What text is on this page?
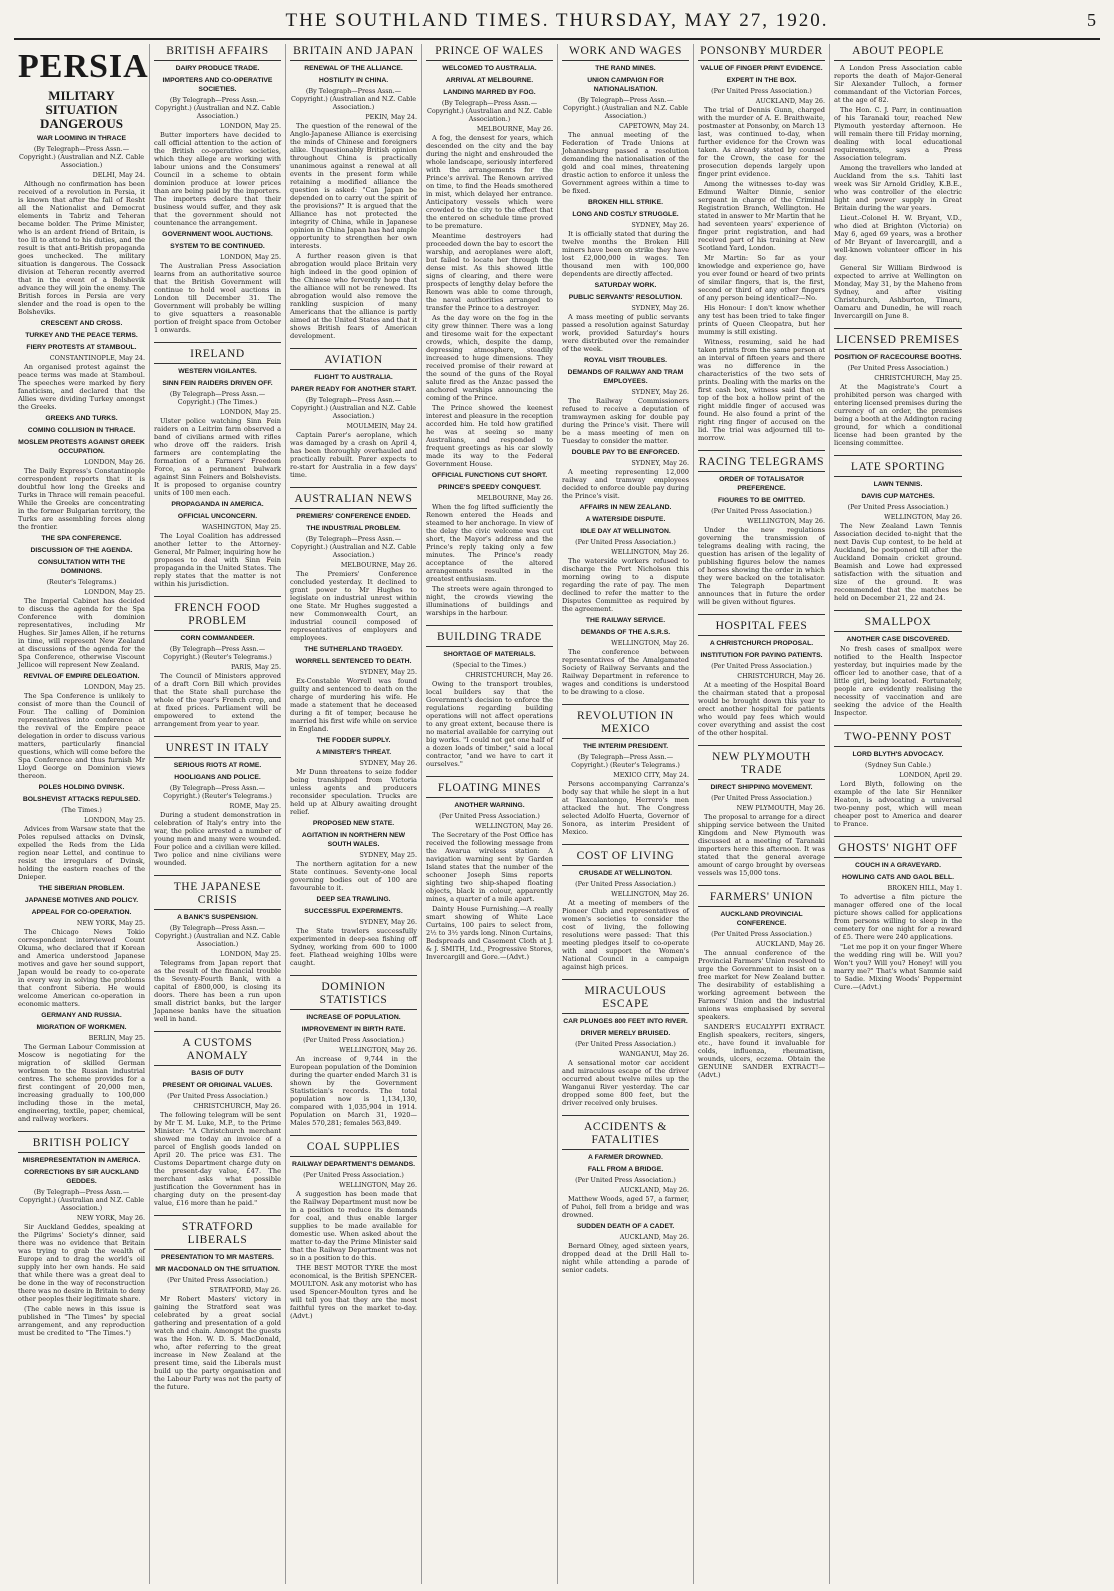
THE SOUTHLAND TIMES. THURSDAY, MAY 27, 1920.	5
PERSIA
MILITARY SITUATION DANGEROUS
WAR LOOMING IN THRACE
(By Telegraph—Press Assn.—Copyright.) (Australian and N.Z. Cable Association.)
DELHI, May 24.
Although no confirmation has been received of a revolution in Persia, it is known that after the fall of Resht all the Nationalist and Democrat elements in Tabriz and Teheran became bolder. The Prime Minister, who is an ardent friend of Britain, is too ill to attend to his duties, and the result is that anti-British propaganda goes unchecked. The military situation is dangerous. The Cossack division at Teheran recently averred that in the event of a Bolshevik advance they will join the enemy. The British forces in Persia are very slender and the road is open to the Bolsheviks.
CRESCENT AND CROSS.
TURKEY AND THE PEACE TERMS.
FIERY PROTESTS AT STAMBOUL.
CONSTANTINOPLE, May 24.
An organised protest against the peace terms was made at Stamboul. The speeches were marked by fiery fanaticism, and declared that the Allies were dividing Turkey amongst the Greeks.
GREEKS AND TURKS.
COMING COLLISION IN THRACE.
MOSLEM PROTESTS AGAINST GREEK OCCUPATION.
LONDON, May 26.
The Daily Express's Constantinople correspondent reports that it is doubtful how long the Greeks and Turks in Thrace will remain peaceful. While the Greeks are concentrating in the former Bulgarian territory, the Turks are assembling forces along the frontier.
THE SPA CONFERENCE.
DISCUSSION OF THE AGENDA.
CONSULTATION WITH THE DOMINIONS.
(Reuter's Telegrams.)
LONDON, May 25.
The Imperial Cabinet has decided to discuss the agenda for the Spa Conference with dominion representatives, including Mr Hughes. Sir James Allen, if he returns in time, will represent New Zealand at discussions of the agenda for the Spa Conference, otherwise Viscount Jellicoe will represent New Zealand.
REVIVAL OF EMPIRE DELEGATION.
LONDON, May 25.
The Spa Conference is unlikely to consist of more than the Council of Four. The calling of Dominion representatives into conference at the revival of the Empire peace delegation in order to discuss various matters, particularly financial questions, which will come before the Spa Conference and thus furnish Mr Lloyd George on Dominion views thereon.
POLES HOLDING DVINSK.
BOLSHEVIST ATTACKS REPULSED.
(The Times.)
LONDON, May 25.
Advices from Warsaw state that the Poles repulsed attacks on Dvinsk, expelled the Reds from the Lida region near Lettel, and continue to resist the irregulars of Dvinsk, holding the eastern reaches of the Dnieper.
THE SIBERIAN PROBLEM.
JAPANESE MOTIVES AND POLICY.
APPEAL FOR CO-OPERATION.
NEW YORK, May 25.
The Chicago News Tokio correspondent interviewed Count Okuma, who declared that if Korean and America understood Japanese motives and gave her sound support, Japan would be ready to co-operate in every way in solving the problems that confront Siberia. He would welcome American co-operation in economic matters.
GERMANY AND RUSSIA.
MIGRATION OF WORKMEN.
BERLIN, May 25.
The German Labour Commission at Moscow is negotiating for the migration of skilled German workmen to the Russian industrial centres. The scheme provides for a first contingent of 20,000 men, increasing gradually to 100,000 including those in the metal, engineering, textile, paper, chemical, and railway workers.
BRITISH POLICY
MISREPRESENTATION IN AMERICA.
CORRECTIONS BY SIR AUCKLAND GEDDES.
(By Telegraph—Press Assn.—Copyright.) (Australian and N.Z. Cable Association.)
NEW YORK, May 26.
Sir Auckland Geddes, speaking at the Pilgrims' Society's dinner, said there was no evidence that Britain was trying to grab the wealth of Europe and to drag the world's oil supply into her own hands. He said that while there was a great deal to be done in the way of reconstruction there was no desire in Britain to deny other peoples their legitimate share.
(The cable news in this issue is published in "The Times" by special arrangement, and any reproduction must be credited to "The Times.")
BRITISH AFFAIRS
DAIRY PRODUCE TRADE.
IMPORTERS AND CO-OPERATIVE SOCIETIES.
(By Telegraph—Press Assn.—Copyright.) (Australian and N.Z. Cable Association.)
LONDON, May 25.
Butter importers have decided to call official attention to the action of the British co-operative societies, which they allege are working with labour unions and the Consumers' Council in a scheme to obtain dominion produce at lower prices than are being paid by the importers. The importers declare that their business would suffer, and they ask that the government should not countenance the arrangement.
GOVERNMENT WOOL AUCTIONS.
SYSTEM TO BE CONTINUED.
LONDON, May 25.
The Australian Press Association learns from an authoritative source that the British Government will continue to hold wool auctions in London till December 31. The Government will probably be willing to give squatters a reasonable portion of freight space from October 1 onwards.
IRELAND
WESTERN VIGILANTES.
SINN FEIN RAIDERS DRIVEN OFF.
(By Telegraph—Press Assn.—Copyright.) (The Times.)
LONDON, May 25.
Ulster police watching Sinn Fein raiders on a Leitrim farm observed a band of civilians armed with rifles who drove off the raiders. Irish farmers are contemplating the formation of a Farmers' Freedom Force, as a permanent bulwark against Sinn Feiners and Bolshevists. It is proposed to organise country units of 100 men each.
PROPAGANDA IN AMERICA.
OFFICIAL UNCONCERN.
WASHINGTON, May 25.
The Loyal Coalition has addressed another letter to the Attorney-General, Mr Palmer, inquiring how he proposes to deal with Sinn Fein propaganda in the United States. The reply states that the matter is not within his jurisdiction.
FRENCH FOOD PROBLEM
CORN COMMANDEER.
(By Telegraph—Press Assn.—Copyright.) (Reuter's Telegrams.)
PARIS, May 25.
The Council of Ministers approved of a draft Corn Bill which provides that the State shall purchase the whole of the year's French crop, and at fixed prices. Parliament will be empowered to extend the arrangement from year to year.
UNREST IN ITALY
SERIOUS RIOTS AT ROME.
HOOLIGANS AND POLICE.
(By Telegraph—Press Assn.—Copyright.) (Reuter's Telegrams.)
ROME, May 25.
During a student demonstration in celebration of Italy's entry into the war, the police arrested a number of young men and many were wounded. Four police and a civilian were killed. Two police and nine civilians were wounded.
THE JAPANESE CRISIS
A BANK'S SUSPENSION.
(By Telegraph—Press Assn.—Copyright.) (Australian and N.Z. Cable Association.)
LONDON, May 25.
Telegrams from Japan report that as the result of the financial trouble the Seventy-Fourth Bank, with a capital of £800,000, is closing its doors. There has been a run upon small district banks, but the larger Japanese banks have the situation well in hand.
A CUSTOMS ANOMALY
BASIS OF DUTY
PRESENT OR ORIGINAL VALUES.
(Per United Press Association.)
CHRISTCHURCH, May 26.
The following telegram will be sent by Mr T. M. Luke, M.P., to the Prime Minister: "A Christchurch merchant showed me today an invoice of a parcel of English goods landed on April 20. The price was £31. The Customs Department charge duty on the present-day value, £47. The merchant asks what possible justification the Government has in charging duty on the present-day value, £16 more than he paid."
STRATFORD LIBERALS
PRESENTATION TO MR MASTERS.
MR MACDONALD ON THE SITUATION.
(Per United Press Association.)
STRATFORD, May 26.
Mr Robert Masters' victory in gaining the Stratford seat was celebrated by a great social gathering and presentation of a gold watch and chain. Amongst the guests was the Hon. W. D. S. MacDonald, who, after referring to the great increase in New Zealand at the present time, said the Liberals must build up the party organisation and the Labour Party was not the party of the future.
BRITAIN AND JAPAN
RENEWAL OF THE ALLIANCE.
HOSTILITY IN CHINA.
(By Telegraph—Press Assn.—Copyright.) (Australian and N.Z. Cable Association.)
PEKIN, May 24.
The question of the renewal of the Anglo-Japanese Alliance is exercising the minds of Chinese and foreigners alike. Unquestionably British opinion throughout China is practically unanimous against a renewal at all events in the present form while retaining a modified alliance the question is asked: "Can Japan be depended on to carry out the spirit of the provisions?" It is argued that the Alliance has not protected the integrity of China, while in Japanese opinion in China Japan has had ample opportunity to strengthen her own interests.
A further reason given is that abrogation would place Britain very high indeed in the good opinion of the Chinese who fervently hope that the alliance will not be renewed. Its abrogation would also remove the rankling suspicion of many Americans that the alliance is partly aimed at the United States and that it shows British fears of American development.
AVIATION
FLIGHT TO AUSTRALIA.
PARER READY FOR ANOTHER START.
(By Telegraph—Press Assn.—Copyright.) (Australian and N.Z. Cable Association.)
MOULMEIN, May 24.
Captain Parer's aeroplane, which was damaged by a crash on April 4, has been thoroughly overhauled and practically rebuilt. Parer expects to re-start for Australia in a few days' time.
AUSTRALIAN NEWS
PREMIERS' CONFERENCE ENDED.
THE INDUSTRIAL PROBLEM.
(By Telegraph—Press Assn.—Copyright.) (Australian and N.Z. Cable Association.)
MELBOURNE, May 26.
The Premiers' Conference concluded yesterday. It declined to grant power to Mr Hughes to legislate on industrial unrest within one State. Mr Hughes suggested a new Commonwealth Court, an industrial council composed of representatives of employers and employees.
THE SUTHERLAND TRAGEDY.
WORRELL SENTENCED TO DEATH.
SYDNEY, May 25.
Ex-Constable Worrell was found guilty and sentenced to death on the charge of murdering his wife. He made a statement that he deceased during a fit of temper, because he married his first wife while on service in England.
THE FODDER SUPPLY.
A MINISTER'S THREAT.
SYDNEY, May 26.
Mr Dunn threatens to seize fodder being transhipped from Victoria unless agents and producers reconsider speculation. Trucks are held up at Albury awaiting drought relief.
PROPOSED NEW STATE.
AGITATION IN NORTHERN NEW SOUTH WALES.
SYDNEY, May 25.
The northern agitation for a new State continues. Seventy-one local governing bodies out of 100 are favourable to it.
DEEP SEA TRAWLING.
SUCCESSFUL EXPERIMENTS.
SYDNEY, May 26.
The State trawlers successfully experimented in deep-sea fishing off Sydney, working from 600 to 1000 feet. Flathead weighing 10lbs were caught.
DOMINION STATISTICS
INCREASE OF POPULATION.
IMPROVEMENT IN BIRTH RATE.
(Per United Press Association.)
WELLINGTON, May 26.
An increase of 9,744 in the European population of the Dominion during the quarter ended March 31 is shown by the Government Statistician's records. The total population now is 1,134,130, compared with 1,035,904 in 1914. Population on March 31, 1920—Males 570,281; females 563,849.
COAL SUPPLIES
RAILWAY DEPARTMENT'S DEMANDS.
(Per United Press Association.)
WELLINGTON, May 26.
A suggestion has been made that the Railway Department must now be in a position to reduce its demands for coal, and thus enable larger supplies to be made available for domestic use. When asked about the matter to-day the Prime Minister said that the Railway Department was not so in a position to do this.
THE BEST MOTOR TYRE the most economical, is the British SPENCER-MOULTON. Ask any motorist who has used Spencer-Moulton tyres and he will tell you that they are the most faithful tyres on the market to-day. (Advt.)
PRINCE OF WALES
WELCOMED TO AUSTRALIA.
ARRIVAL AT MELBOURNE.
LANDING MARRED BY FOG.
(By Telegraph—Press Assn.—Copyright.) (Australian and N.Z. Cable Association.)
MELBOURNE, May 26.
A fog, the densest for years, which descended on the city and the bay during the night and enshrouded the whole landscape, seriously interfered with the arrangements for the Prince's arrival. The Renown arrived on time, to find the Heads smothered in mist, which delayed her entrance. Anticipatory vessels which were crowded to the city to the effect that the entered on schedule time proved to be premature.
Meantime destroyers had proceeded down the bay to escort the warship, and aeroplanes were aloft, but failed to locate her through the dense mist. As this showed little signs of clearing, and there were prospects of lengthy delay before the Renown was able to come through, the naval authorities arranged to transfer the Prince to a destroyer.
As the day wore on the fog in the city grew thinner. There was a long and tiresome wait for the expectant crowds, which, despite the damp, depressing atmosphere, steadily increased to huge dimensions. They received promise of their reward at the sound of the guns of the Royal salute fired as the Anzac passed the anchored warships announcing the coming of the Prince.
The Prince showed the keenest interest and pleasure in the reception accorded him. He told how gratified he was at seeing so many Australians, and responded to frequent greetings as his car slowly made its way to the Federal Government House.
OFFICIAL FUNCTIONS CUT SHORT.
PRINCE'S SPEEDY CONQUEST.
MELBOURNE, May 26.
When the fog lifted sufficiently the Renown entered the Heads and steamed to her anchorage. In view of the delay the civic welcome was cut short, the Mayor's address and the Prince's reply taking only a few minutes. The Prince's ready acceptance of the altered arrangements resulted in the greatest enthusiasm.
The streets were again thronged to night, the crowds viewing the illuminations of buildings and warships in the harbour.
BUILDING TRADE
SHORTAGE OF MATERIALS.
(Special to the Times.)
CHRISTCHURCH, May 26.
Owing to the transport troubles, local builders say that the Government's decision to enforce the regulations regarding building operations will not affect operations to any great extent, because there is no material available for carrying out big works. "I could not get one half of a dozen loads of timber," said a local contractor, "and we have to cart it ourselves."
FLOATING MINES
ANOTHER WARNING.
(Per United Press Association.)
WELLINGTON, May 26.
The Secretary of the Post Office has received the following message from the Awarua wireless station: A navigation warning sent by Garden Island states that the number of the schooner Joseph Sims reports sighting two ship-shaped floating objects, black in colour, apparently mines, a quarter of a mile apart.
Dainty House Furnishing.—A really smart showing of White Lace Curtains, 100 pairs to select from, 2½ to 3½ yards long. Ninon Curtains, Bedspreads and Casement Cloth at J. & J. SMITH, Ltd., Progressive Stores, Invercargill and Gore.—(Advt.)
WORK AND WAGES
THE RAND MINES.
UNION CAMPAIGN FOR NATIONALISATION.
(By Telegraph—Press Assn.—Copyright.) (Australian and N.Z. Cable Association.)
CAPETOWN, May 24.
The annual meeting of the Federation of Trade Unions at Johannesburg passed a resolution demanding the nationalisation of the gold and coal mines, threatening drastic action to enforce it unless the Government agrees within a time to be fixed.
BROKEN HILL STRIKE.
LONG AND COSTLY STRUGGLE.
SYDNEY, May 26.
It is officially stated that during the twelve months the Broken Hill miners have been on strike they have lost £2,000,000 in wages. Ten thousand men with 100,000 dependents are directly affected.
SATURDAY WORK.
PUBLIC SERVANTS' RESOLUTION.
SYDNEY, May 26.
A mass meeting of public servants passed a resolution against Saturday work, provided Saturday's hours were distributed over the remainder of the week.
ROYAL VISIT TROUBLES.
DEMANDS OF RAILWAY AND TRAM EMPLOYEES.
SYDNEY, May 26.
The Railway Commissioners refused to receive a deputation of tramwaymen asking for double pay during the Prince's visit. There will be a mass meeting of men on Tuesday to consider the matter.
DOUBLE PAY TO BE ENFORCED.
SYDNEY, May 26.
A meeting representing 12,000 railway and tramway employees decided to enforce double pay during the Prince's visit.
AFFAIRS IN NEW ZEALAND.
A WATERSIDE DISPUTE.
IDLE DAY AT WELLINGTON.
(Per United Press Association.)
WELLINGTON, May 26.
The waterside workers refused to discharge the Port Nicholson this morning owing to a dispute regarding the rate of pay. The men declined to refer the matter to the Disputes Committee as required by the agreement.
THE RAILWAY SERVICE.
DEMANDS OF THE A.S.R.S.
WELLINGTON, May 26.
The conference between representatives of the Amalgamated Society of Railway Servants and the Railway Department in reference to wages and conditions is understood to be drawing to a close.
REVOLUTION IN MEXICO
THE INTERIM PRESIDENT.
(By Telegraph—Press Assn.—Copyright.) (Reuter's Telegrams.)
MEXICO CITY, May 24.
Persons accompanying Carranza's body say that while he slept in a hut at Tlaxcalantongo, Herrero's men attacked the hut. The Congress selected Adolfo Huerta, Governor of Sonora, as interim President of Mexico.
COST OF LIVING
CRUSADE AT WELLINGTON.
(Per United Press Association.)
WELLINGTON, May 26.
At a meeting of members of the Pioneer Club and representatives of women's societies to consider the cost of living, the following resolutions were passed: That this meeting pledges itself to co-operate with and support the Women's National Council in a campaign against high prices.
MIRACULOUS ESCAPE
CAR PLUNGES 800 FEET INTO RIVER.
DRIVER MERELY BRUISED.
(Per United Press Association.)
WANGANUI, May 26.
A sensational motor car accident and miraculous escape of the driver occurred about twelve miles up the Wanganui River yesterday. The car dropped some 800 feet, but the driver received only bruises.
ACCIDENTS & FATALITIES
A FARMER DROWNED.
FALL FROM A BRIDGE.
(Per United Press Association.)
AUCKLAND, May 26.
Matthew Woods, aged 57, a farmer, of Puhoi, fell from a bridge and was drowned.
SUDDEN DEATH OF A CADET.
AUCKLAND, May 26.
Bernard Olney, aged sixteen years, dropped dead at the Drill Hall to-night while attending a parade of senior cadets.
PONSONBY MURDER
VALUE OF FINGER PRINT EVIDENCE.
EXPERT IN THE BOX.
(Per United Press Association.)
AUCKLAND, May 26.
The trial of Dennis Gunn, charged with the murder of A. E. Braithwaite, postmaster at Ponsonby, on March 13 last, was continued to-day, when further evidence for the Crown was taken. As already stated by counsel for the Crown, the case for the prosecution depends largely upon finger print evidence.
Among the witnesses to-day was Edmund Walter Dinnie, senior sergeant in charge of the Criminal Registration Branch, Wellington. He stated in answer to Mr Martin that he had seventeen years' experience of finger print registration, and had received part of his training at New Scotland Yard, London.
Mr Martin: So far as your knowledge and experience go, have you ever found or heard of two prints of similar fingers, that is, the first, second or third of any other fingers of any person being identical?—No.
His Honour: I don't know whether any test has been tried to take finger prints of Queen Cleopatra, but her mummy is still existing.
Witness, resuming, said he had taken prints from the same person at an interval of fifteen years and there was no difference in the characteristics of the two sets of prints. Dealing with the marks on the first cash box, witness said that on top of the box a hollow print of the right middle finger of accused was found. He also found a print of the right ring finger of accused on the lid. The trial was adjourned till to-morrow.
RACING TELEGRAMS
ORDER OF TOTALISATOR PREFERENCE.
FIGURES TO BE OMITTED.
(Per United Press Association.)
WELLINGTON, May 26.
Under the new regulations governing the transmission of telegrams dealing with racing, the question has arisen of the legality of publishing figures below the names of horses showing the order in which they were backed on the totalisator. The Telegraph Department announces that in future the order will be given without figures.
HOSPITAL FEES
A CHRISTCHURCH PROPOSAL.
INSTITUTION FOR PAYING PATIENTS.
(Per United Press Association.)
CHRISTCHURCH, May 26.
At a meeting of the Hospital Board the chairman stated that a proposal would be brought down this year to erect another hospital for patients who would pay fees which would cover everything and assist the cost of the other hospital.
NEW PLYMOUTH TRADE
DIRECT SHIPPING MOVEMENT.
(Per United Press Association.)
NEW PLYMOUTH, May 26.
The proposal to arrange for a direct shipping service between the United Kingdom and New Plymouth was discussed at a meeting of Taranaki importers here this afternoon. It was stated that the general average amount of cargo brought by overseas vessels was 15,000 tons.
FARMERS' UNION
AUCKLAND PROVINCIAL CONFERENCE.
(Per United Press Association.)
AUCKLAND, May 26.
The annual conference of the Provincial Farmers' Union resolved to urge the Government to insist on a free market for New Zealand butter. The desirability of establishing a working agreement between the Farmers' Union and the industrial unions was emphasised by several speakers.
SANDER'S EUCALYPTI EXTRACT. English speakers, reciters, singers, etc., have found it invaluable for colds, influenza, rheumatism, wounds, ulcers, eczema. Obtain the GENUINE SANDER EXTRACT!—(Advt.)
ABOUT PEOPLE
A London Press Association cable reports the death of Major-General Sir Alexander Tulloch, a former commandant of the Victorian Forces, at the age of 82.
The Hon. C. J. Parr, in continuation of his Taranaki tour, reached New Plymouth yesterday afternoon. He will remain there till Friday morning, dealing with local educational requirements, says a Press Association telegram.
Among the travellers who landed at Auckland from the s.s. Tahiti last week was Sir Arnold Gridley, K.B.E., who was controller of the electric light and power supply in Great Britain during the war years.
Lieut.-Colonel H. W. Bryant, V.D., who died at Brighton (Victoria) on May 6, aged 69 years, was a brother of Mr Bryant of Invercargill, and a well-known volunteer officer in his day.
General Sir William Birdwood is expected to arrive at Wellington on Monday, May 31, by the Maheno from Sydney, and after visiting Christchurch, Ashburton, Timaru, Oamaru and Dunedin, he will reach Invercargill on June 8.
LICENSED PREMISES
POSITION OF RACECOURSE BOOTHS.
(Per United Press Association.)
CHRISTCHURCH, May 25.
At the Magistrate's Court a prohibited person was charged with entering licensed premises during the currency of an order, the premises being a booth at the Addington racing ground, for which a conditional license had been granted by the licensing committee.
LATE SPORTING
LAWN TENNIS.
DAVIS CUP MATCHES.
(Per United Press Association.)
WELLINGTON, May 26.
The New Zealand Lawn Tennis Association decided to-night that the next Davis Cup contest, to be held at Auckland, be postponed till after the Auckland Domain cricket ground. Beamish and Lowe had expressed satisfaction with the situation and size of the ground. It was recommended that the matches be held on December 21, 22 and 24.
SMALLPOX
ANOTHER CASE DISCOVERED.
No fresh cases of smallpox were notified to the Health Inspector yesterday, but inquiries made by the officer led to another case, that of a little girl, being located. Fortunately, people are evidently realising the necessity of vaccination and are seeking the advice of the Health Inspector.
TWO-PENNY POST
LORD BLYTH'S ADVOCACY.
(Sydney Sun Cable.)
LONDON, April 29.
Lord Blyth, following on the example of the late Sir Henniker Heaton, is advocating a universal two-penny post, which will mean cheaper post to America and dearer to France.
GHOSTS' NIGHT OFF
COUCH IN A GRAVEYARD.
HOWLING CATS AND GAOL BELL.
BROKEN HILL, May 1.
To advertise a film picture the manager offered one of the local picture shows called for applications from persons willing to sleep in the cemetery for one night for a reward of £5. There were 240 applications.
"Let me pop it on your finger Where the wedding ring will be. Will you? Won't you? Will you? Honey! will you marry me?" That's what Sammie said to Sadie. Mixing Woods' Peppermint Cure.—(Advt.)
